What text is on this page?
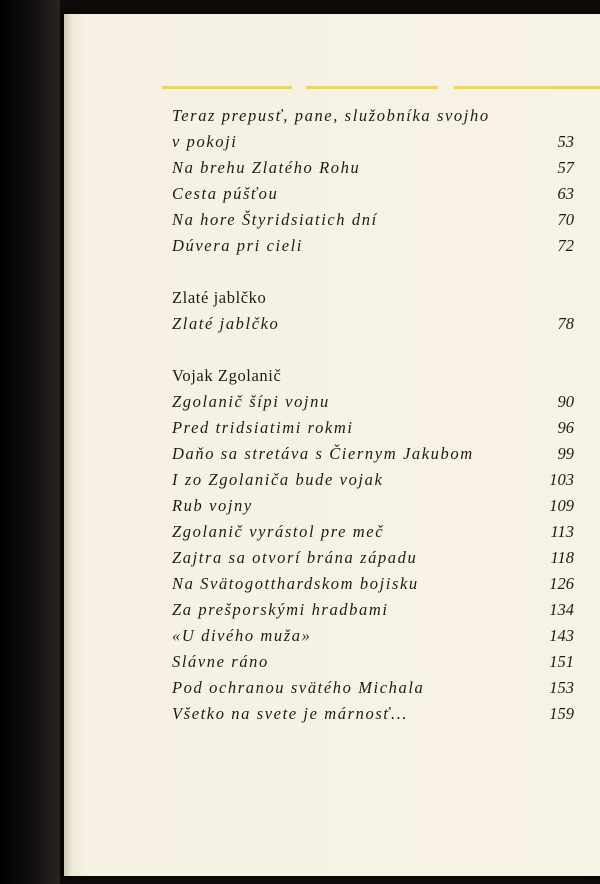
Teraz prepusť, pane, služobníka svojho
v pokoji	53
Na brehu Zlatého Rohu	57
Cesta púšťou	63
Na hore Štyridsiatich dní	70
Dúvera pri cieli	72
Zlaté jablčko
Zlaté jablčko	78
Vojak Zgolanič
Zgolanič šípi vojnu	90
Pred tridsiatimi rokmi	96
Daňo sa stretáva s Čiernym Jakubom	99
I zo Zgolaniča bude vojak	103
Rub vojny	109
Zgolanič vyrástol pre meč	113
Zajtra sa otvorí brána západu	118
Na Svätogotthardskom bojisku	126
Za prešporskými hradbami	134
«U divého muža»	143
Slávne ráno	151
Pod ochranou svätého Michala	153
Všetko na svete je márnosť...	159
